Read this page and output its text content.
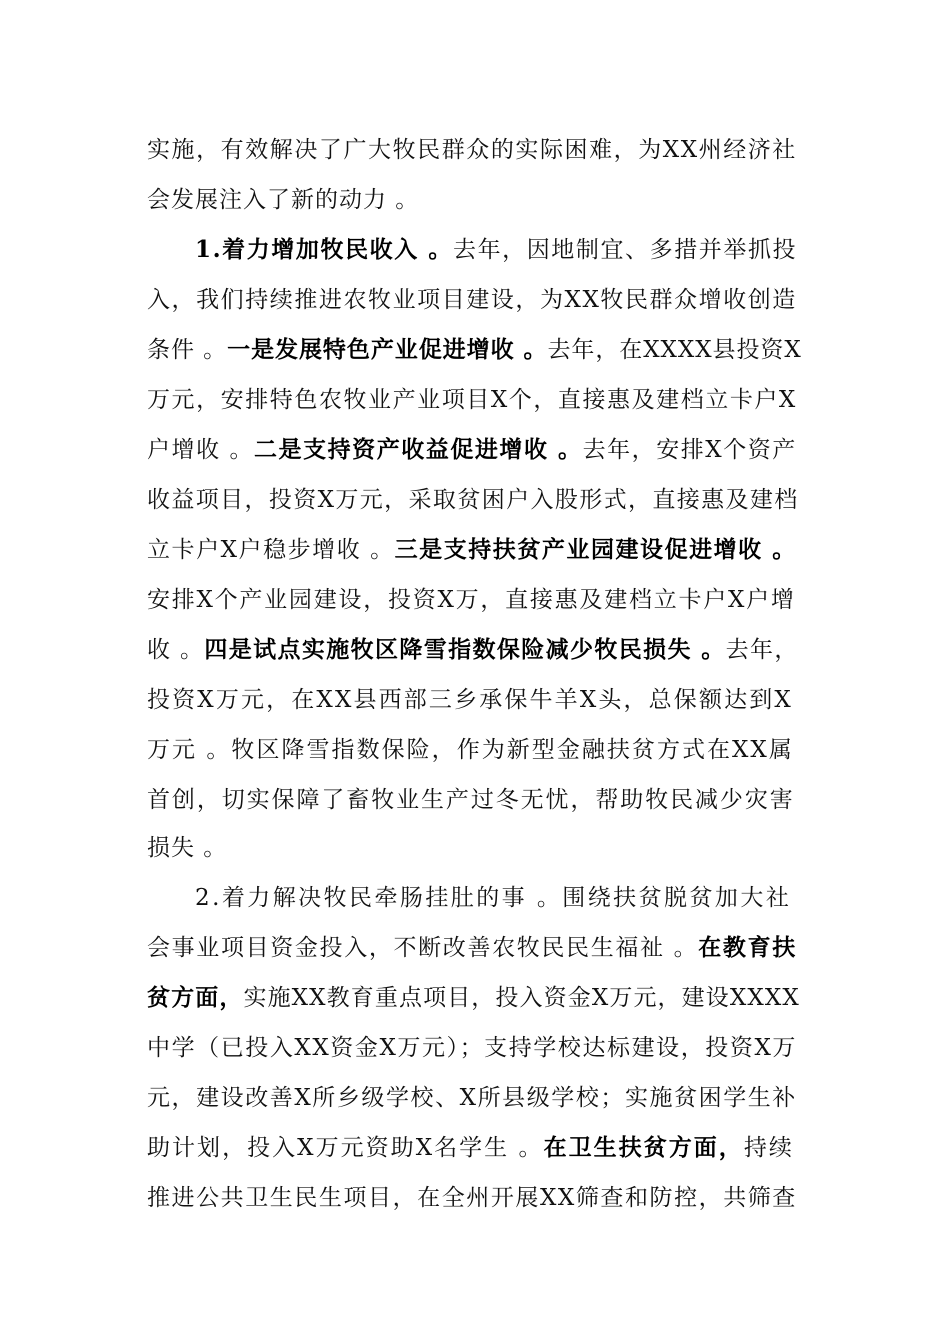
实施，有效解决了广大牧民群众的实际困难，为XX州经济社
会发展注入了新的动力 。
1.着力增加牧民收入 。去年，因地制宜、多措并举抓投
入，我们持续推进农牧业项目建设，为XX牧民群众增收创造
条件 。一是发展特色产业促进增收 。去年，在XXXX县投资X
万元，安排特色农牧业产业项目X个，直接惠及建档立卡户X
户增收 。二是支持资产收益促进增收 。去年，安排X个资产
收益项目，投资X万元，采取贫困户入股形式，直接惠及建档
立卡户X户稳步增收 。三是支持扶贫产业园建设促进增收 。
安排X个产业园建设，投资X万，直接惠及建档立卡户X户增
收 。四是试点实施牧区降雪指数保险减少牧民损失 。去年，
投资X万元，在XX县西部三乡承保牛羊X头，总保额达到X
万元 。牧区降雪指数保险，作为新型金融扶贫方式在XX属
首创，切实保障了畜牧业生产过冬无忧，帮助牧民减少灾害
损失 。
2.着力解决牧民牵肠挂肚的事 。围绕扶贫脱贫加大社
会事业项目资金投入，不断改善农牧民民生福祉 。在教育扶
贫方面，实施XX教育重点项目，投入资金X万元，建设XXXX
中学（已投入XX资金X万元）；支持学校达标建设，投资X万
元，建设改善X所乡级学校、X所县级学校；实施贫困学生补
助计划，投入X万元资助X名学生 。在卫生扶贫方面，持续
推进公共卫生民生项目，在全州开展XX筛查和防控，共筛查
